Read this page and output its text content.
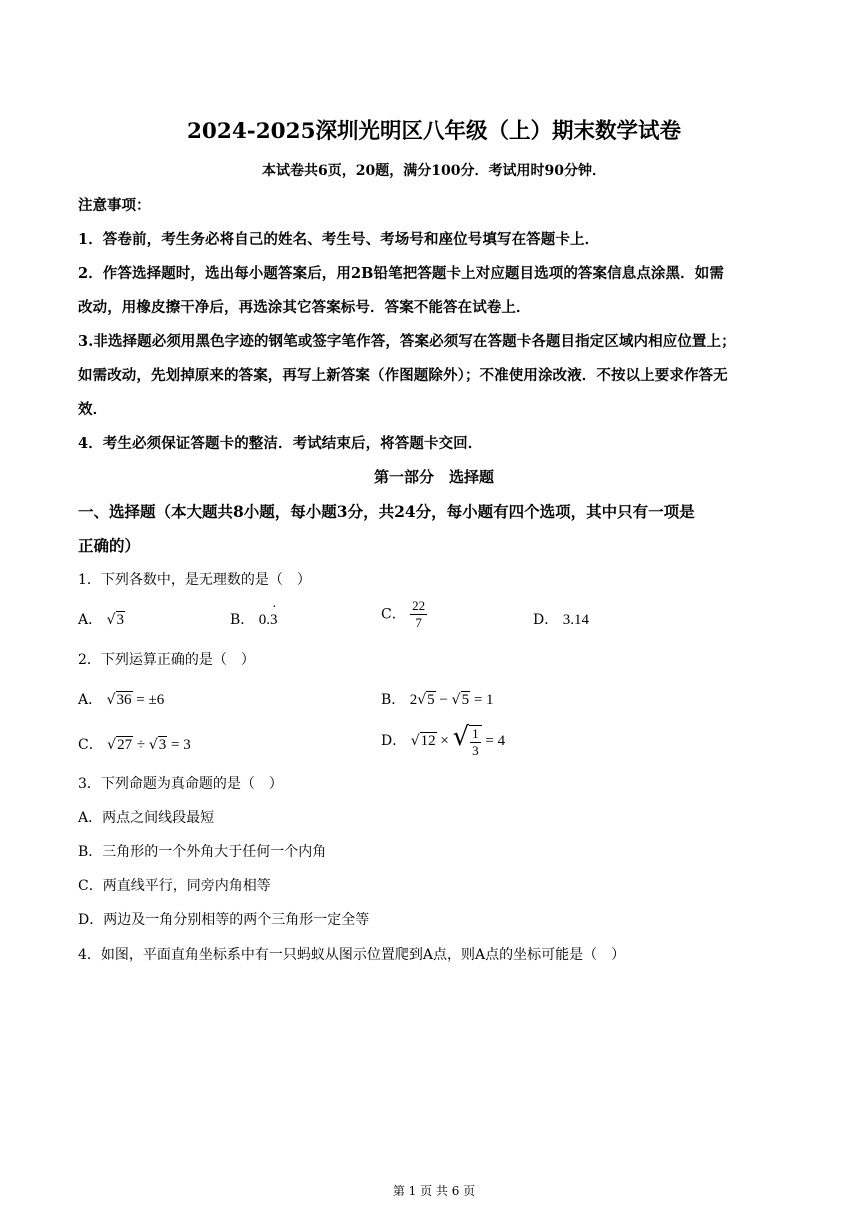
2024-2025深圳光明区八年级（上）期末数学试卷
本试卷共6页，20题，满分100分．考试用时90分钟．
注意事项：
1．答卷前，考生务必将自己的姓名、考生号、考场号和座位号填写在答题卡上．
2．作答选择题时，选出每小题答案后，用2B铅笔把答题卡上对应题目选项的答案信息点涂黑．如需
改动，用橡皮擦干净后，再选涂其它答案标号．答案不能答在试卷上．
3.非选择题必须用黑色字迹的钢笔或签字笔作答，答案必须写在答题卡各题目指定区域内相应位置上；
如需改动，先划掉原来的答案，再写上新答案（作图题除外）；不准使用涂改液．不按以上要求作答无
效．
4．考生必须保证答题卡的整洁．考试结束后，将答题卡交回．
第一部分　选择题
一、选择题（本大题共8小题，每小题3分，共24分，每小题有四个选项，其中只有一项是
正确的）
1．下列各数中，是无理数的是（　）
A． √3	B． 0.· 3	C． $\frac{22}{7}$	D． 3.14
2．下列运算正确的是（　）
A． √36 = ±6	B． 2√5 − √5 = 1
C． √27 ÷ √3 = 3	D． √12 × √ $\frac{1}{3} = 4$
3．下列命题为真命题的是（　）
A．两点之间线段最短
B．三角形的一个外角大于任何一个内角
C．两直线平行，同旁内角相等
D．两边及一角分别相等的两个三角形一定全等
4．如图，平面直角坐标系中有一只蚂蚁从图示位置爬到A点，则A点的坐标可能是（　）
第 1 页 共 6 页
